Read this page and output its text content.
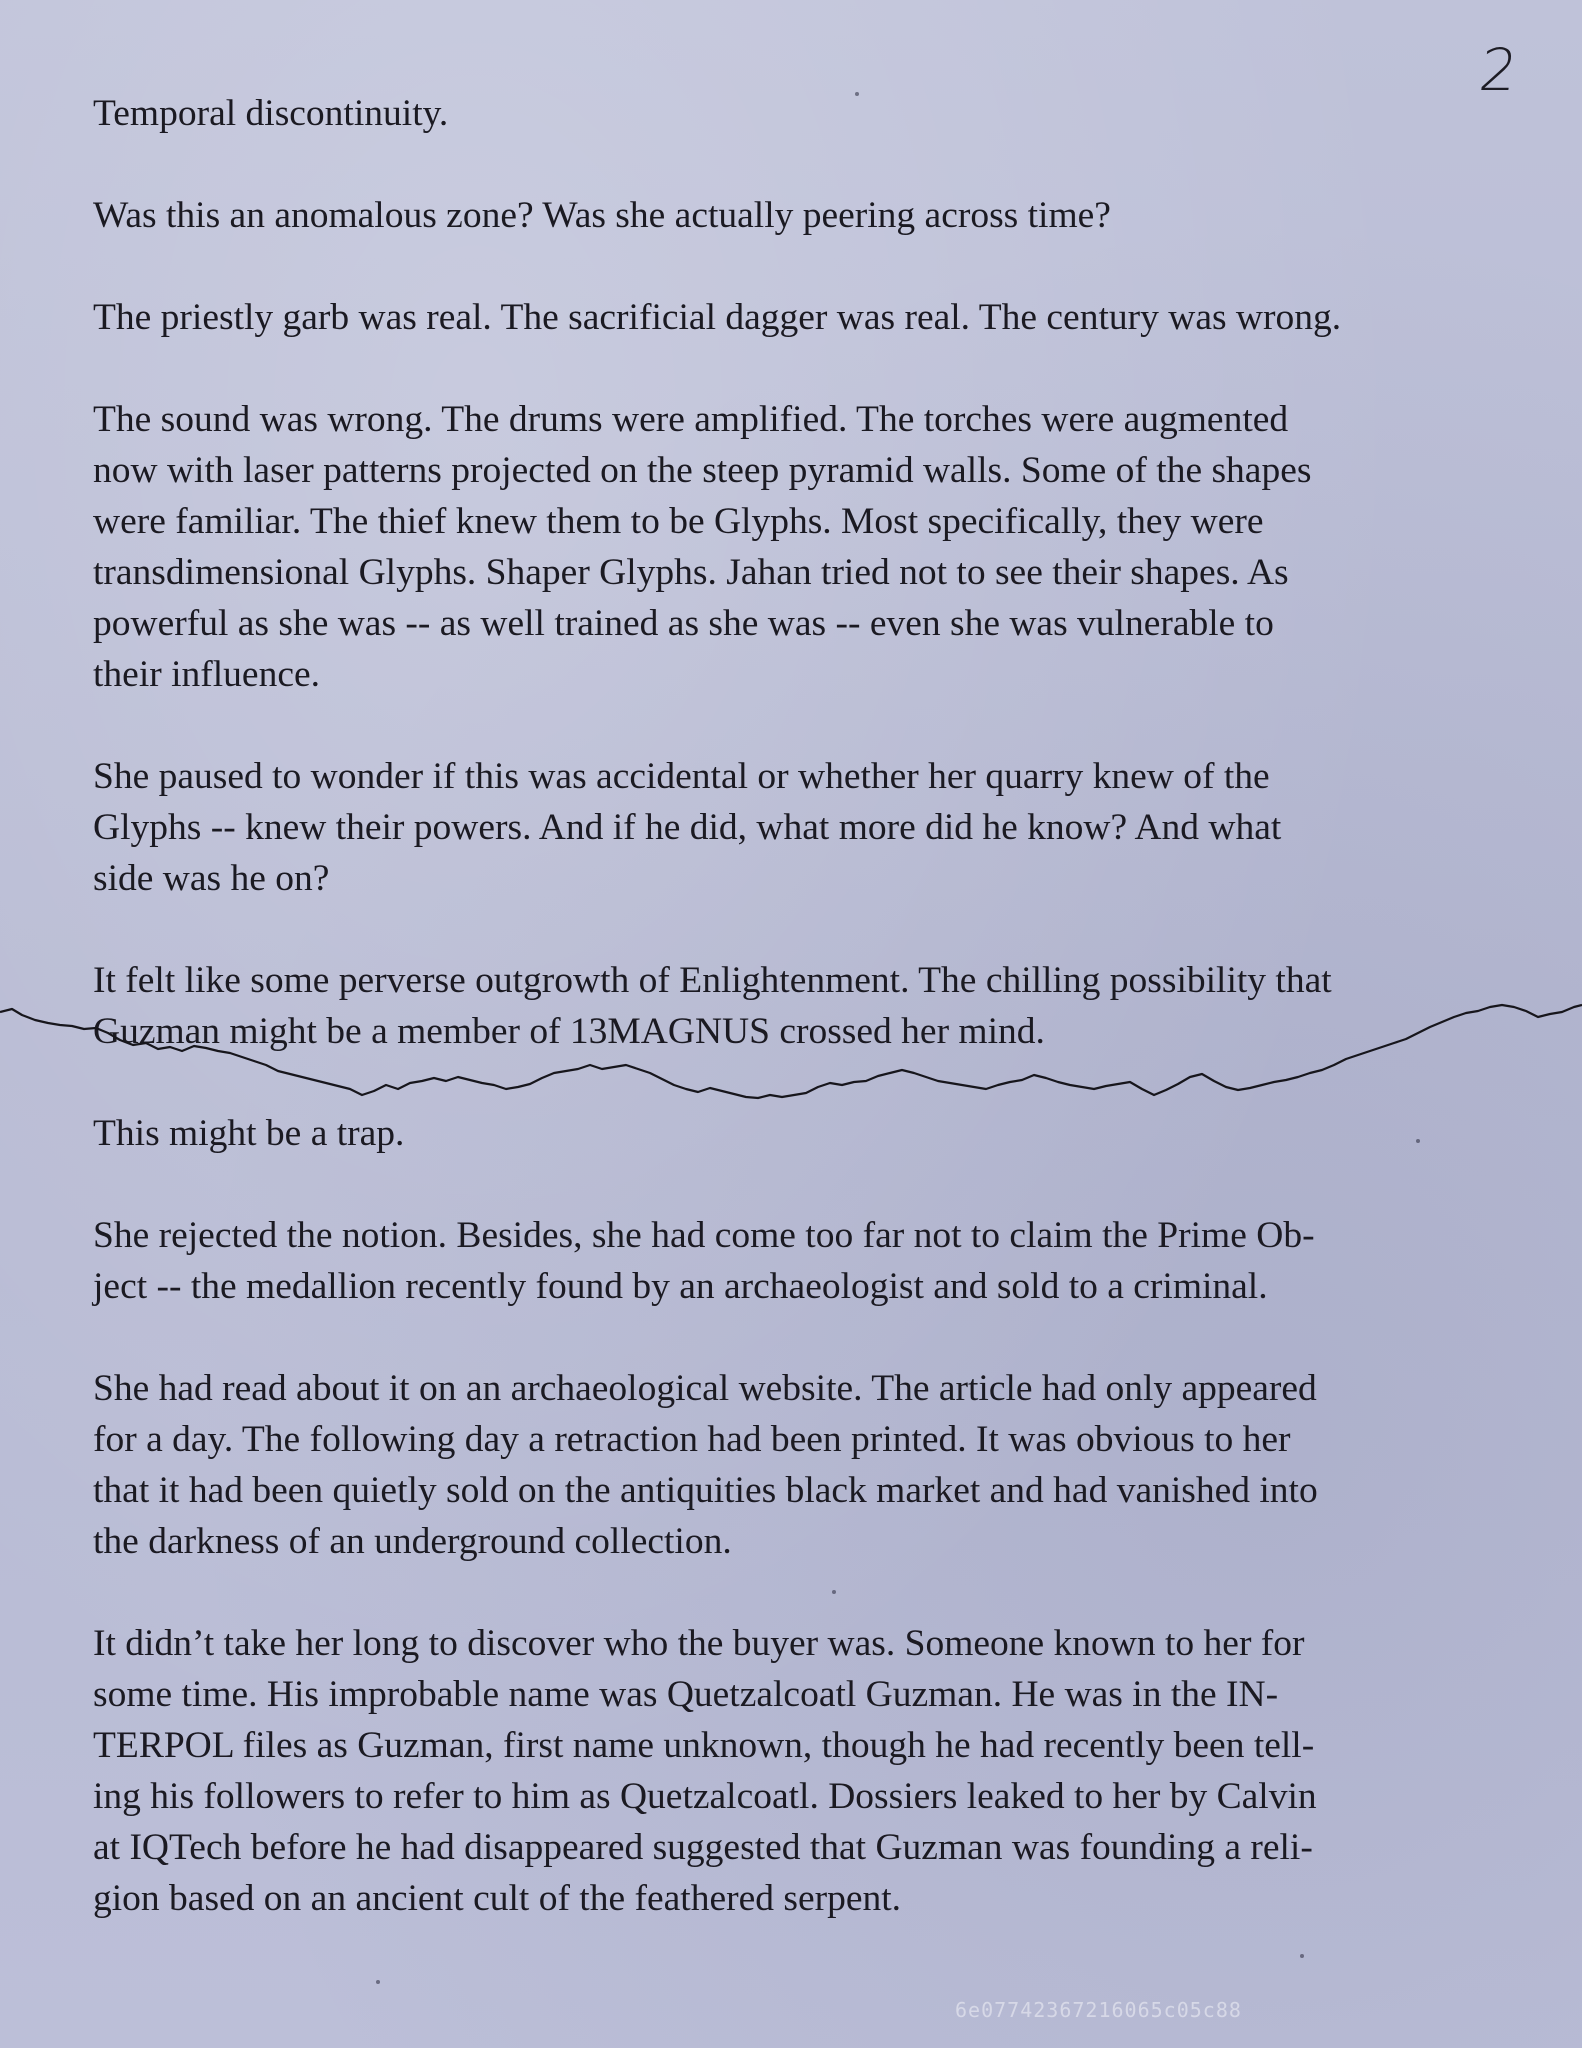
2

Temporal discontinuity.

Was this an anomalous zone? Was she actually peering across time?

The priestly garb was real. The sacrificial dagger was real. The century was wrong.

The sound was wrong. The drums were amplified. The torches were augmented
now with laser patterns projected on the steep pyramid walls. Some of the shapes
were familiar. The thief knew them to be Glyphs. Most specifically, they were
transdimensional Glyphs. Shaper Glyphs. Jahan tried not to see their shapes. As
powerful as she was -- as well trained as she was -- even she was vulnerable to
their influence.

She paused to wonder if this was accidental or whether her quarry knew of the
Glyphs -- knew their powers. And if he did, what more did he know? And what
side was he on?

It felt like some perverse outgrowth of Enlightenment. The chilling possibility that
Guzman might be a member of 13MAGNUS crossed her mind.

This might be a trap.

She rejected the notion. Besides, she had come too far not to claim the Prime Ob-
ject -- the medallion recently found by an archaeologist and sold to a criminal.

She had read about it on an archaeological website. The article had only appeared
for a day. The following day a retraction had been printed. It was obvious to her
that it had been quietly sold on the antiquities black market and had vanished into
the darkness of an underground collection.

It didn’t take her long to discover who the buyer was. Someone known to her for
some time. His improbable name was Quetzalcoatl Guzman. He was in the IN-
TERPOL files as Guzman, first name unknown, though he had recently been tell-
ing his followers to refer to him as Quetzalcoatl. Dossiers leaked to her by Calvin
at IQTech before he had disappeared suggested that Guzman was founding a reli-
gion based on an ancient cult of the feathered serpent.

6e07742367216065c05c88
